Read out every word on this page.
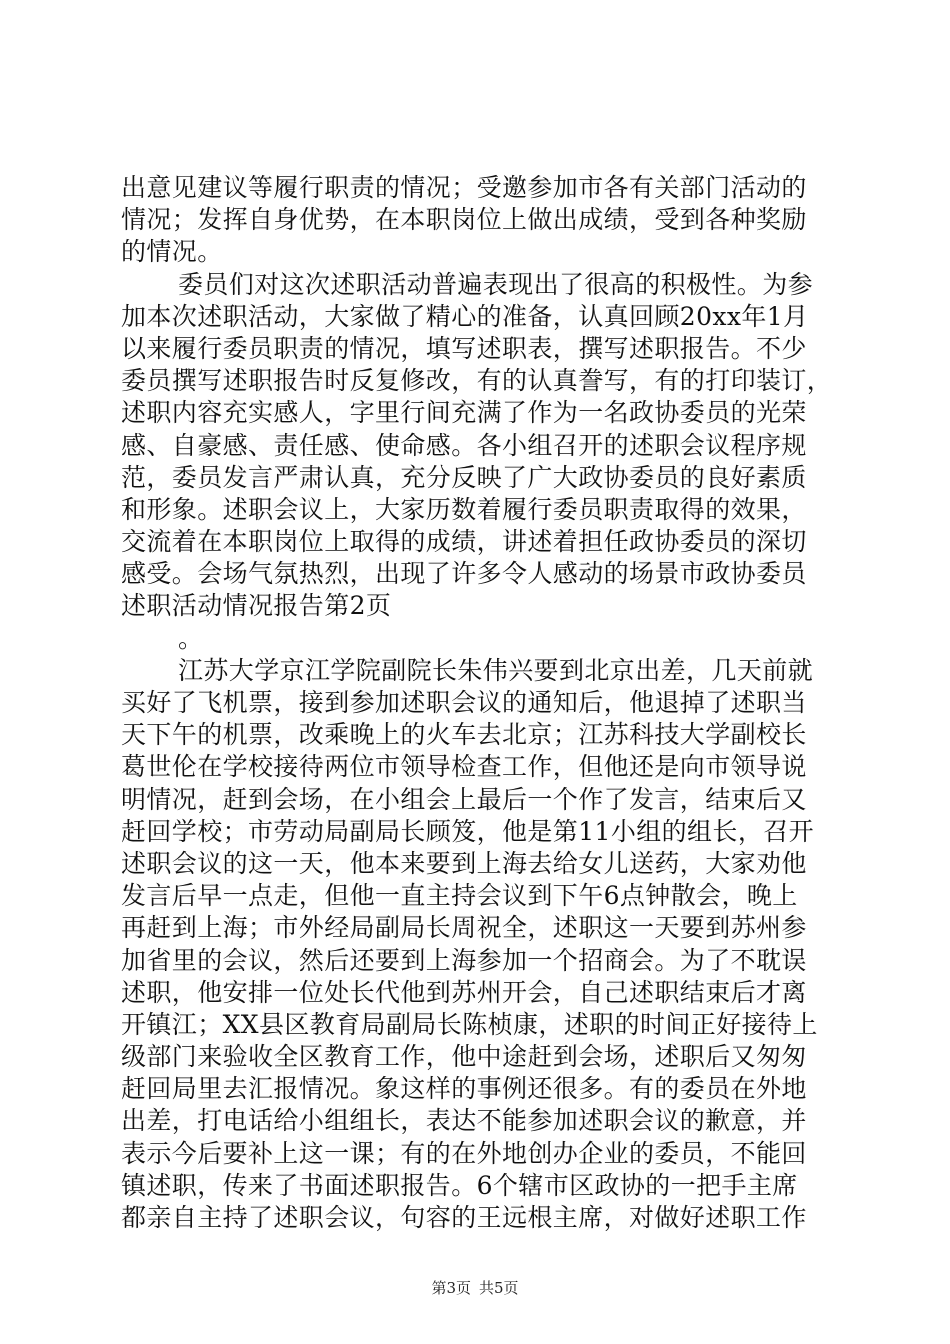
出意见建议等履行职责的情况；受邀参加市各有关部门活动的
情况；发挥自身优势，在本职岗位上做出成绩，受到各种奖励
的情况。
委员们对这次述职活动普遍表现出了很高的积极性。为参
加本次述职活动，大家做了精心的准备，认真回顾20xx年1月
以来履行委员职责的情况，填写述职表，撰写述职报告。不少
委员撰写述职报告时反复修改，有的认真誊写，有的打印装订，
述职内容充实感人，字里行间充满了作为一名政协委员的光荣
感、自豪感、责任感、使命感。各小组召开的述职会议程序规
范，委员发言严肃认真，充分反映了广大政协委员的良好素质
和形象。述职会议上，大家历数着履行委员职责取得的效果，
交流着在本职岗位上取得的成绩，讲述着担任政协委员的深切
感受。会场气氛热烈，出现了许多令人感动的场景市政协委员
述职活动情况报告第2页
。
江苏大学京江学院副院长朱伟兴要到北京出差，几天前就
买好了飞机票，接到参加述职会议的通知后，他退掉了述职当
天下午的机票，改乘晚上的火车去北京；江苏科技大学副校长
葛世伦在学校接待两位市领导检查工作，但他还是向市领导说
明情况，赶到会场，在小组会上最后一个作了发言，结束后又
赶回学校；市劳动局副局长顾笈，他是第11小组的组长，召开
述职会议的这一天，他本来要到上海去给女儿送药，大家劝他
发言后早一点走，但他一直主持会议到下午6点钟散会，晚上
再赶到上海；市外经局副局长周祝全，述职这一天要到苏州参
加省里的会议，然后还要到上海参加一个招商会。为了不耽误
述职，他安排一位处长代他到苏州开会，自己述职结束后才离
开镇江；XX县区教育局副局长陈桢康，述职的时间正好接待上
级部门来验收全区教育工作，他中途赶到会场，述职后又匆匆
赶回局里去汇报情况。象这样的事例还很多。有的委员在外地
出差，打电话给小组组长，表达不能参加述职会议的歉意，并
表示今后要补上这一课；有的在外地创办企业的委员，不能回
镇述职，传来了书面述职报告。6个辖市区政协的一把手主席
都亲自主持了述职会议，句容的王远根主席，对做好述职工作
第3页 共5页
